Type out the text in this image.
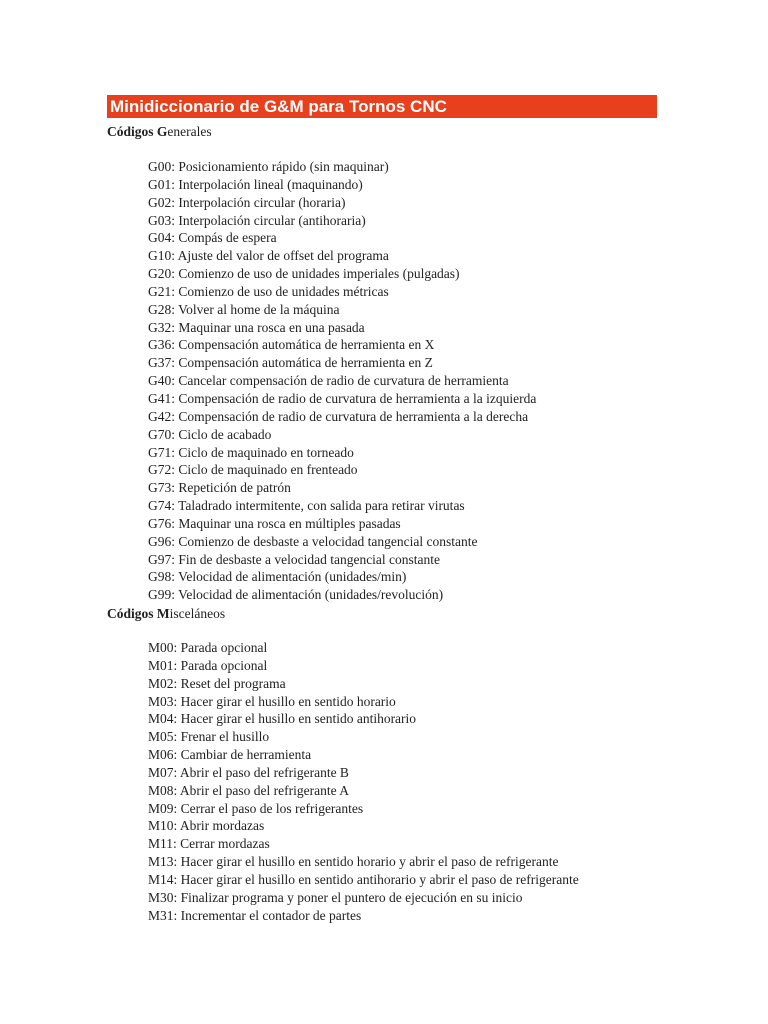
Minidiccionario de G&M para Tornos CNC
Códigos Generales
G00: Posicionamiento rápido (sin maquinar)
G01: Interpolación lineal (maquinando)
G02: Interpolación circular (horaria)
G03: Interpolación circular (antihoraria)
G04: Compás de espera
G10: Ajuste del valor de offset del programa
G20: Comienzo de uso de unidades imperiales (pulgadas)
G21: Comienzo de uso de unidades métricas
G28: Volver al home de la máquina
G32: Maquinar una rosca en una pasada
G36: Compensación automática de herramienta en X
G37: Compensación automática de herramienta en Z
G40: Cancelar compensación de radio de curvatura de herramienta
G41: Compensación de radio de curvatura de herramienta a la izquierda
G42: Compensación de radio de curvatura de herramienta a la derecha
G70: Ciclo de acabado
G71: Ciclo de maquinado en torneado
G72: Ciclo de maquinado en frenteado
G73: Repetición de patrón
G74: Taladrado intermitente, con salida para retirar virutas
G76: Maquinar una rosca en múltiples pasadas
G96: Comienzo de desbaste a velocidad tangencial constante
G97: Fin de desbaste a velocidad tangencial constante
G98: Velocidad de alimentación (unidades/min)
G99: Velocidad de alimentación (unidades/revolución)
Códigos Misceláneos
M00: Parada opcional
M01: Parada opcional
M02: Reset del programa
M03: Hacer girar el husillo en sentido horario
M04: Hacer girar el husillo en sentido antihorario
M05: Frenar el husillo
M06: Cambiar de herramienta
M07: Abrir el paso del refrigerante B
M08: Abrir el paso del refrigerante A
M09: Cerrar el paso de los refrigerantes
M10: Abrir mordazas
M11: Cerrar mordazas
M13: Hacer girar el husillo en sentido horario y abrir el paso de refrigerante
M14: Hacer girar el husillo en sentido antihorario y abrir el paso de refrigerante
M30: Finalizar programa y poner el puntero de ejecución en su inicio
M31: Incrementar el contador de partes
